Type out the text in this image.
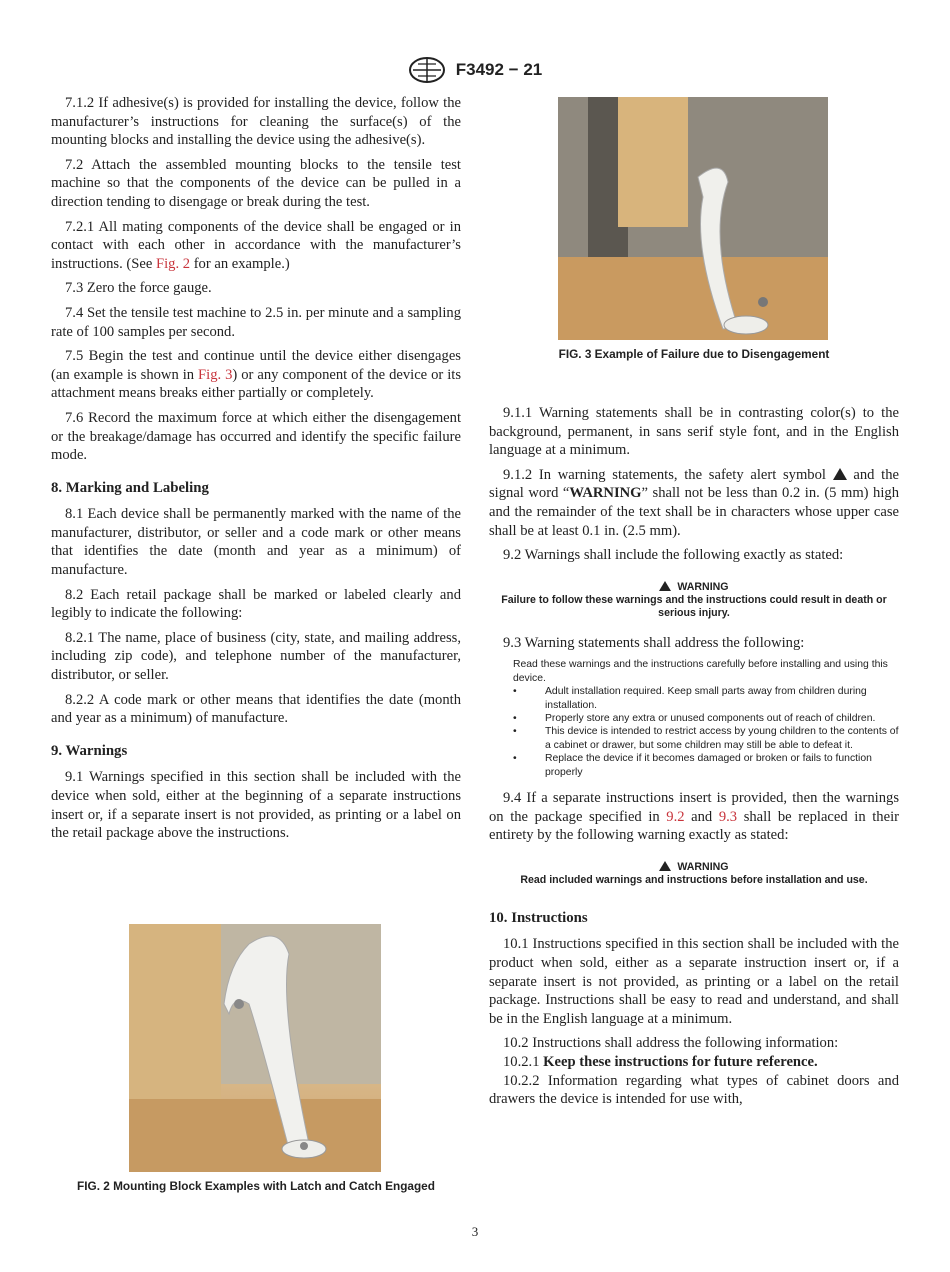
F3492 − 21

7.1.2 If adhesive(s) is provided for installing the device, follow the manufacturer’s instructions for cleaning the surface(s) of the mounting blocks and installing the device using the adhesive(s).

7.2 Attach the assembled mounting blocks to the tensile test machine so that the components of the device can be pulled in a direction tending to disengage or break during the test.

7.2.1 All mating components of the device shall be engaged or in contact with each other in accordance with the manufacturer’s instructions. (See Fig. 2 for an example.)

7.3 Zero the force gauge.

7.4 Set the tensile test machine to 2.5 in. per minute and a sampling rate of 100 samples per second.

7.5 Begin the test and continue until the device either disengages (an example is shown in Fig. 3) or any component of the device or its attachment means breaks either partially or completely.

7.6 Record the maximum force at which either the disengagement or the breakage/damage has occurred and identify the specific failure mode.

8. Marking and Labeling

8.1 Each device shall be permanently marked with the name of the manufacturer, distributor, or seller and a code mark or other means that identifies the date (month and year as a minimum) of manufacture.

8.2 Each retail package shall be marked or labeled clearly and legibly to indicate the following:

8.2.1 The name, place of business (city, state, and mailing address, including zip code), and telephone number of the manufacturer, distributor, or seller.

8.2.2 A code mark or other means that identifies the date (month and year as a minimum) of manufacture.

9. Warnings

9.1 Warnings specified in this section shall be included with the device when sold, either at the beginning of a separate instructions insert or, if a separate insert is not provided, as printing or a label on the retail package above the instructions.

FIG. 2 Mounting Block Examples with Latch and Catch Engaged
FIG. 3 Example of Failure due to Disengagement

9.1.1 Warning statements shall be in contrasting color(s) to the background, permanent, in sans serif style font, and in the English language at a minimum.

9.1.2 In warning statements, the safety alert symbol  and the signal word “WARNING” shall not be less than 0.2 in. (5 mm) high and the remainder of the text shall be in characters whose upper case shall be at least 0.1 in. (2.5 mm).

9.2 Warnings shall include the following exactly as stated:

WARNING
Failure to follow these warnings and the instructions could result in death or serious injury.

9.3 Warning statements shall address the following:

Read these warnings and the instructions carefully before installing and using this device.
•	Adult installation required. Keep small parts away from children during installation.
•	Properly store any extra or unused components out of reach of children.
•	This device is intended to restrict access by young children to the contents of a cabinet or drawer, but some children may still be able to defeat it.
•	Replace the device if it becomes damaged or broken or fails to function properly

9.4 If a separate instructions insert is provided, then the warnings on the package specified in 9.2 and 9.3 shall be replaced in their entirety by the following warning exactly as stated:

WARNING
Read included warnings and instructions before installation and use.

10. Instructions

10.1 Instructions specified in this section shall be included with the product when sold, either as a separate instruction insert or, if a separate insert is not provided, as printing or a label on the retail package. Instructions shall be easy to read and understand, and shall be in the English language at a minimum.

10.2 Instructions shall address the following information:

10.2.1 Keep these instructions for future reference.

10.2.2 Information regarding what types of cabinet doors and drawers the device is intended for use with,

3
